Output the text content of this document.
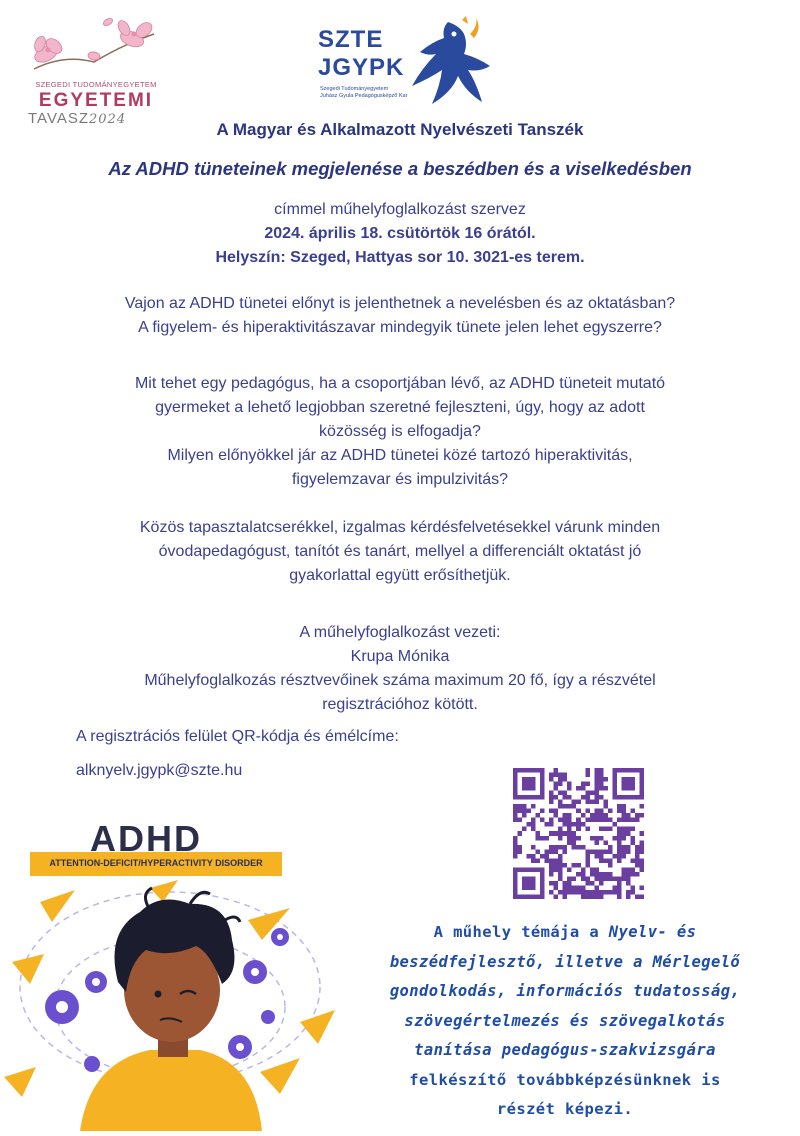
SZEGEDI TUDOMÁNYEGYETEM
EGYETEMI
TAVASZ2024
SZTE
JGYPK
Szegedi Tudományegyetem
Juhász Gyula Pedagógusképző Kar
A Magyar és Alkalmazott Nyelvészeti Tanszék
Az ADHD tüneteinek megjelenése a beszédben és a viselkedésben
címmel műhelyfoglalkozást szervez
2024. április 18. csütörtök 16 órától.
Helyszín: Szeged, Hattyas sor 10. 3021-es terem.
Vajon az ADHD tünetei előnyt is jelenthetnek a nevelésben és az oktatásban?
A figyelem- és hiperaktivitászavar mindegyik tünete jelen lehet egyszerre?
Mit tehet egy pedagógus, ha a csoportjában lévő, az ADHD tüneteit mutató
gyermeket a lehető legjobban szeretné fejleszteni, úgy, hogy az adott
közösség is elfogadja?
Milyen előnyökkel jár az ADHD tünetei közé tartozó hiperaktivitás,
figyelemzavar és impulzivitás?
Közös tapasztalatcserékkel, izgalmas kérdésfelvetésekkel várunk minden
óvodapedagógust, tanítót és tanárt, mellyel a differenciált oktatást jó
gyakorlattal együtt erősíthetjük.
A műhelyfoglalkozást vezeti:
Krupa Mónika
Műhelyfoglalkozás résztvevőinek száma maximum 20 fő, így a részvétel
regisztrációhoz kötött.
A regisztrációs felület QR-kódja és émélcíme:
alknyelv.jgypk@szte.hu
ADHD
ATTENTION-DEFICIT/HYPERACTIVITY DISORDER
A műhely témája a Nyelv- és
beszédfejlesztő, illetve a Mérlegelő
gondolkodás, információs tudatosság,
szövegértelmezés és szövegalkotás
tanítása pedagógus-szakvizsgára
felkészítő továbbképzésünknek is
részét képezi.
